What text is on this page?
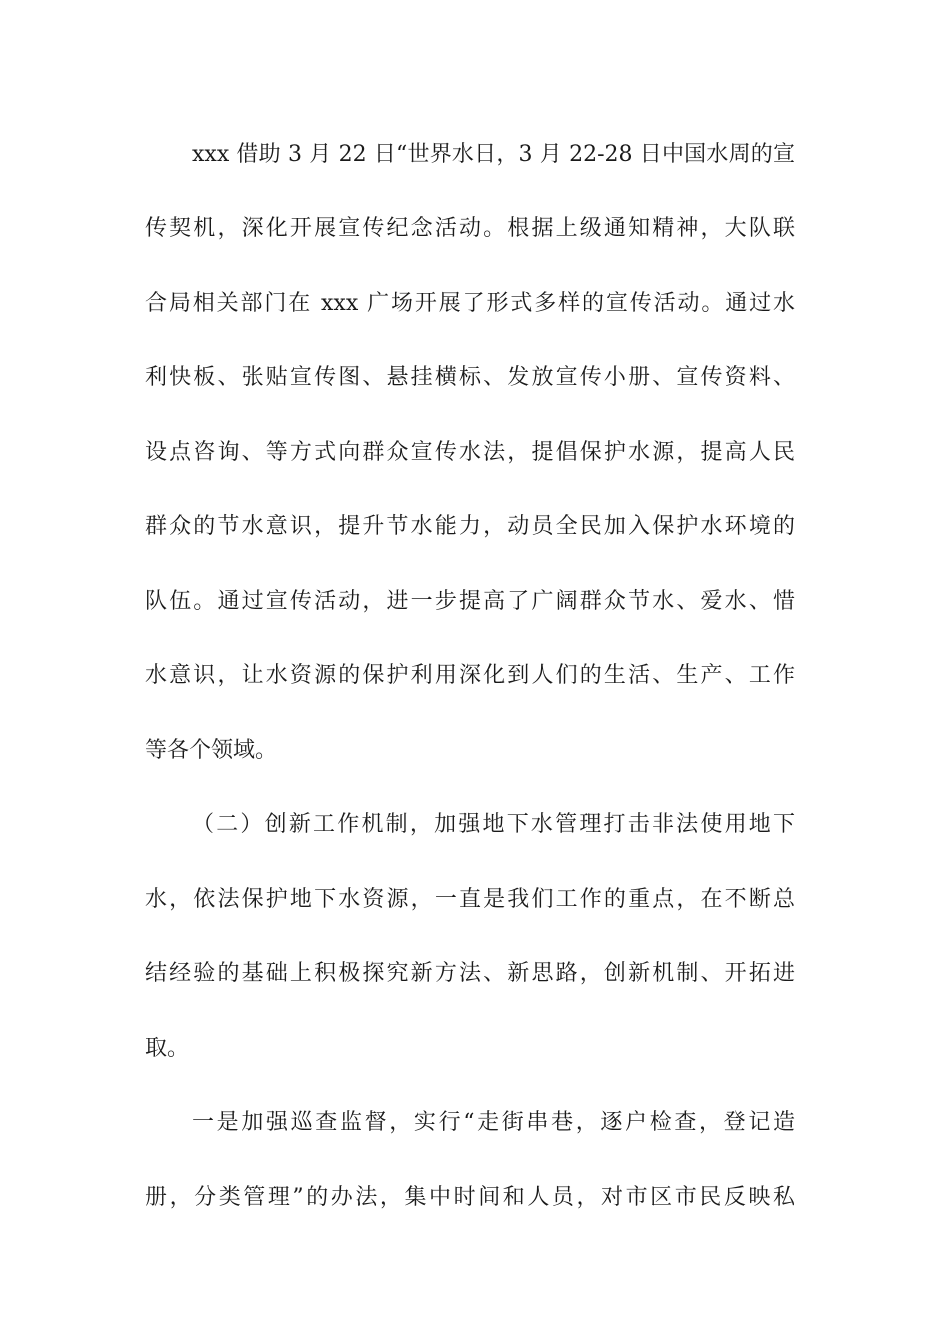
xxx 借助 3 月 22 日“世界水日，3 月 22-28 日中国水周的宣
传契机，深化开展宣传纪念活动。根据上级通知精神，大队联
合局相关部门在 xxx 广场开展了形式多样的宣传活动。通过水
利快板、张贴宣传图、悬挂横标、发放宣传小册、宣传资料、
设点咨询、等方式向群众宣传水法，提倡保护水源，提高人民
群众的节水意识，提升节水能力，动员全民加入保护水环境的
队伍。通过宣传活动，进一步提高了广阔群众节水、爱水、惜
水意识，让水资源的保护利用深化到人们的生活、生产、工作
等各个领域。
（二）创新工作机制，加强地下水管理打击非法使用地下
水，依法保护地下水资源，一直是我们工作的重点，在不断总
结经验的基础上积极探究新方法、新思路，创新机制、开拓进
取。
一是加强巡查监督，实行“走街串巷，逐户检查，登记造
册，分类管理”的办法，集中时间和人员，对市区市民反映私
